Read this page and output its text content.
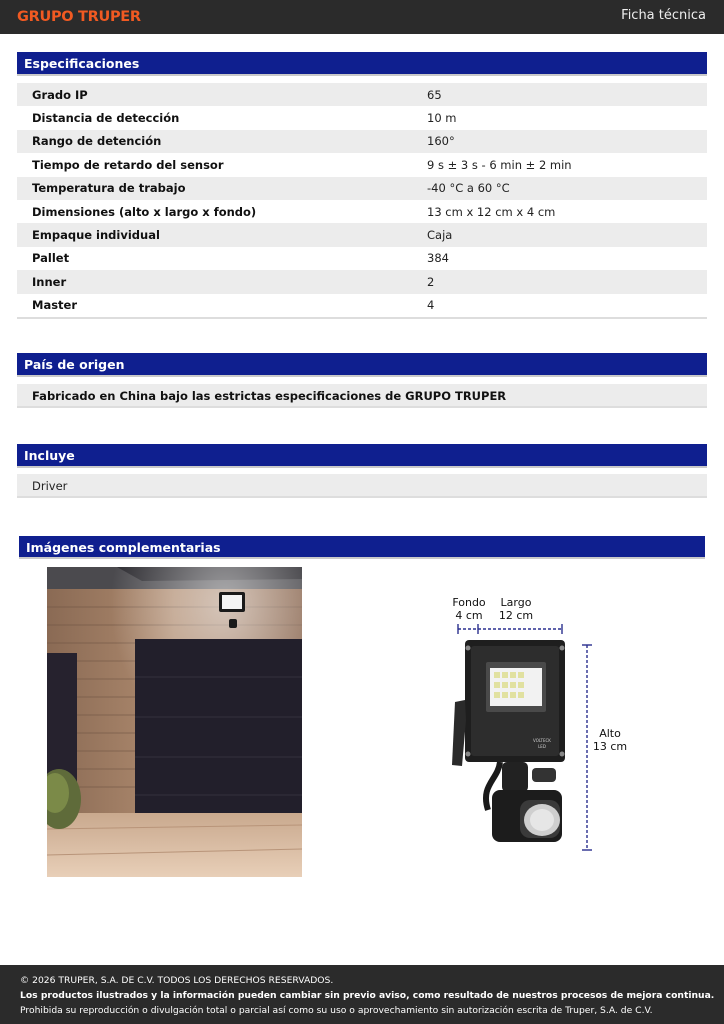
GRUPO TRUPER	Ficha técnica
Especificaciones
Grado IP	65
Distancia de detección	10 m
Rango de detención	160°
Tiempo de retardo del sensor	9 s ± 3 s - 6 min ± 2 min
Temperatura de trabajo	-40 °C a 60 °C
Dimensiones (alto x largo x fondo)	13 cm x 12 cm x 4 cm
Empaque individual	Caja
Pallet	384
Inner	2
Master	4
País de origen
Fabricado en China bajo las estrictas especificaciones de GRUPO TRUPER
Incluye
Driver
Imágenes complementarias
Fondo
4 cm
Largo
12 cm
Alto
13 cm
VOLTECK
LED
© 2026 TRUPER, S.A. DE C.V. TODOS LOS DERECHOS RESERVADOS.
Los productos ilustrados y la información pueden cambiar sin previo aviso, como resultado de nuestros procesos de mejora continua.
Prohibida su reproducción o divulgación total o parcial así como su uso o aprovechamiento sin autorización escrita de Truper, S.A. de C.V.
